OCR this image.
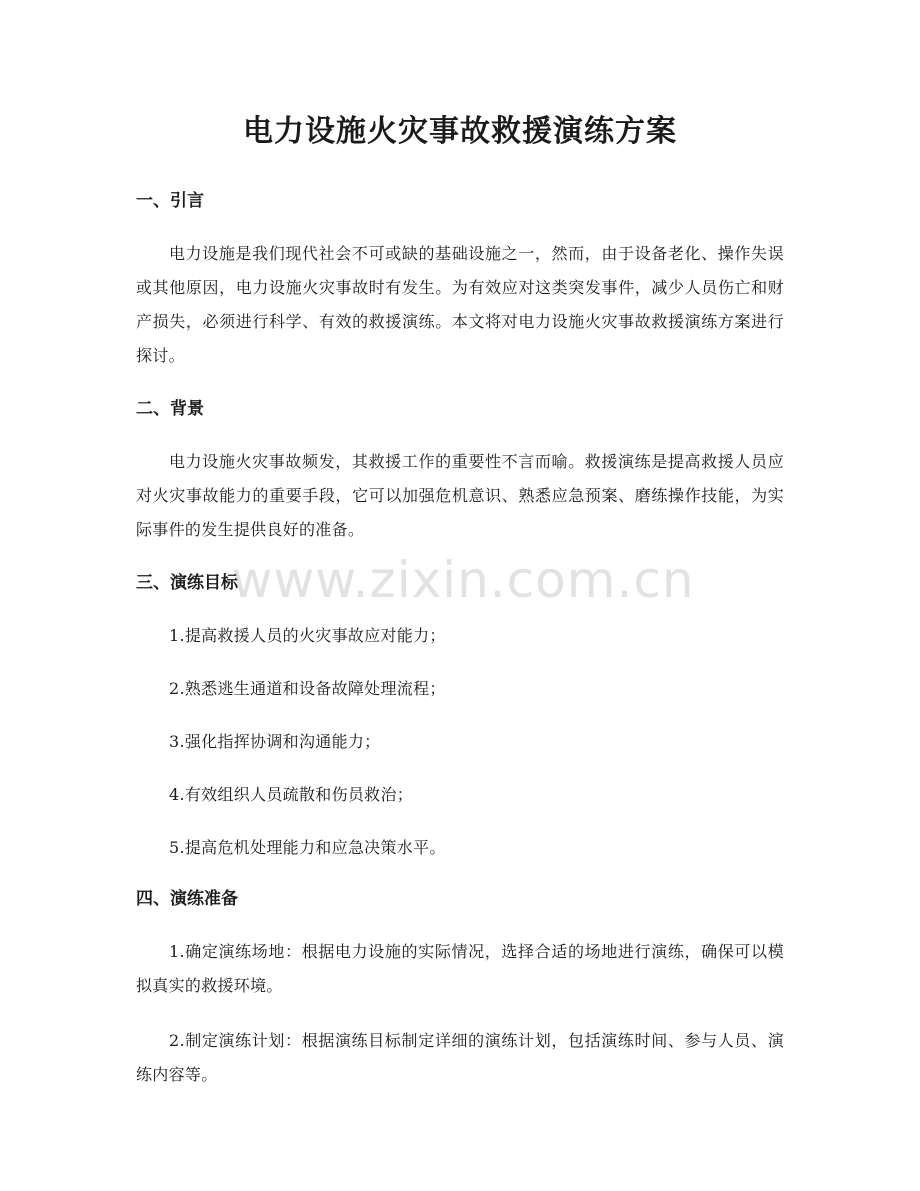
电力设施火灾事故救援演练方案
一、引言

电力设施是我们现代社会不可或缺的基础设施之一，然而，由于设备老化、操作失误或其他原因，电力设施火灾事故时有发生。为有效应对这类突发事件，减少人员伤亡和财产损失，必须进行科学、有效的救援演练。本文将对电力设施火灾事故救援演练方案进行探讨。

二、背景

电力设施火灾事故频发，其救援工作的重要性不言而喻。救援演练是提高救援人员应对火灾事故能力的重要手段，它可以加强危机意识、熟悉应急预案、磨练操作技能，为实际事件的发生提供良好的准备。

三、演练目标

1.提高救援人员的火灾事故应对能力；

2.熟悉逃生通道和设备故障处理流程；

3.强化指挥协调和沟通能力；

4.有效组织人员疏散和伤员救治；

5.提高危机处理能力和应急决策水平。

四、演练准备

1.确定演练场地：根据电力设施的实际情况，选择合适的场地进行演练，确保可以模拟真实的救援环境。

2.制定演练计划：根据演练目标制定详细的演练计划，包括演练时间、参与人员、演练内容等。

www.zixin.com.cn
